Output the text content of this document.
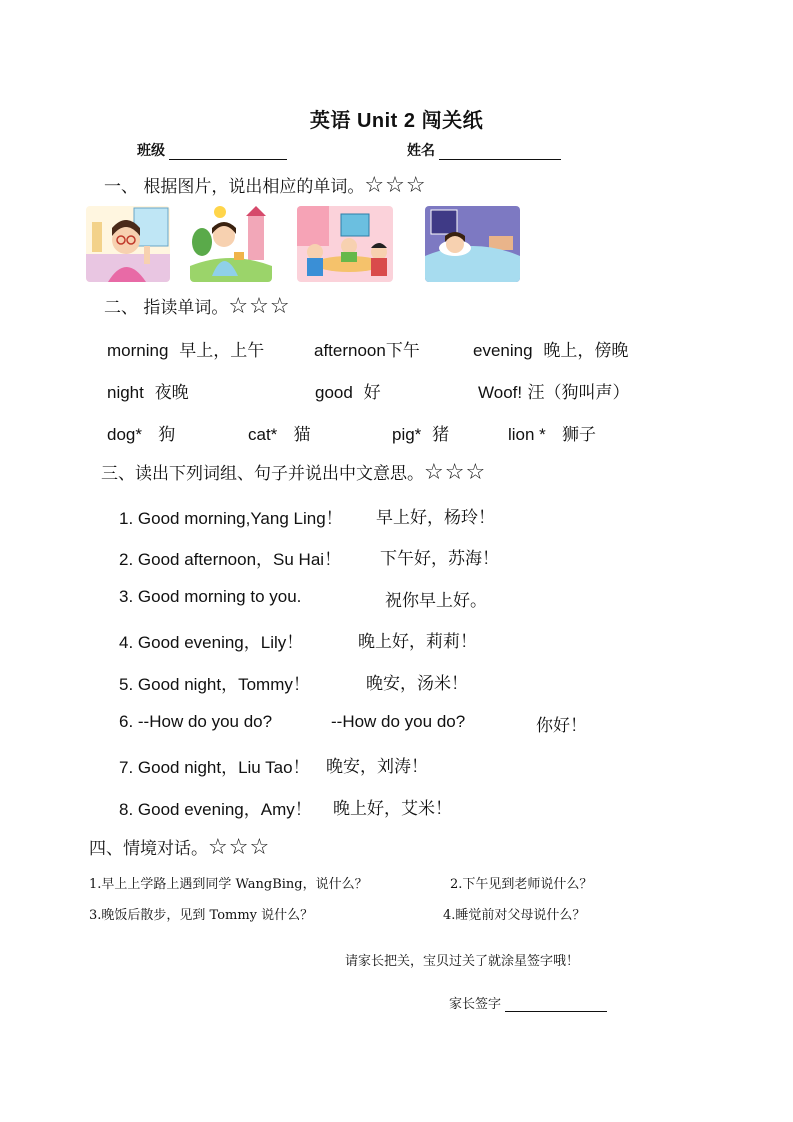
英语 Unit 2 闯关纸
班级	姓名
一、 根据图片，说出相应的单词。☆☆☆
二、 指读单词。☆☆☆
morning 早上，上午	afternoon下午	evening 晚上，傍晚
night 夜晚	good 好	Woof! 汪（狗叫声）
dog* 狗	cat* 猫	pig* 猪	lion * 狮子
三、读出下列词组、句子并说出中文意思。☆☆☆
1. Good morning,Yang Ling！ 早上好，杨玲！
2. Good afternoon，Su Hai！ 下午好，苏海！
3. Good morning to you.	祝你早上好。
4. Good evening，Lily！	晚上好，莉莉！
5. Good night，Tommy！	晚安，汤米！
6. --How do you do?	--How do you do?	你好！
7. Good night，Liu Tao！ 晚安，刘涛！
8. Good evening，Amy！ 晚上好，艾米！
四、情境对话。☆☆☆
1.早上上学路上遇到同学 WangBing，说什么？	2.下午见到老师说什么？
3.晚饭后散步，见到 Tommy 说什么？	4.睡觉前对父母说什么？
请家长把关，宝贝过关了就涂星签字哦！
家长签字
